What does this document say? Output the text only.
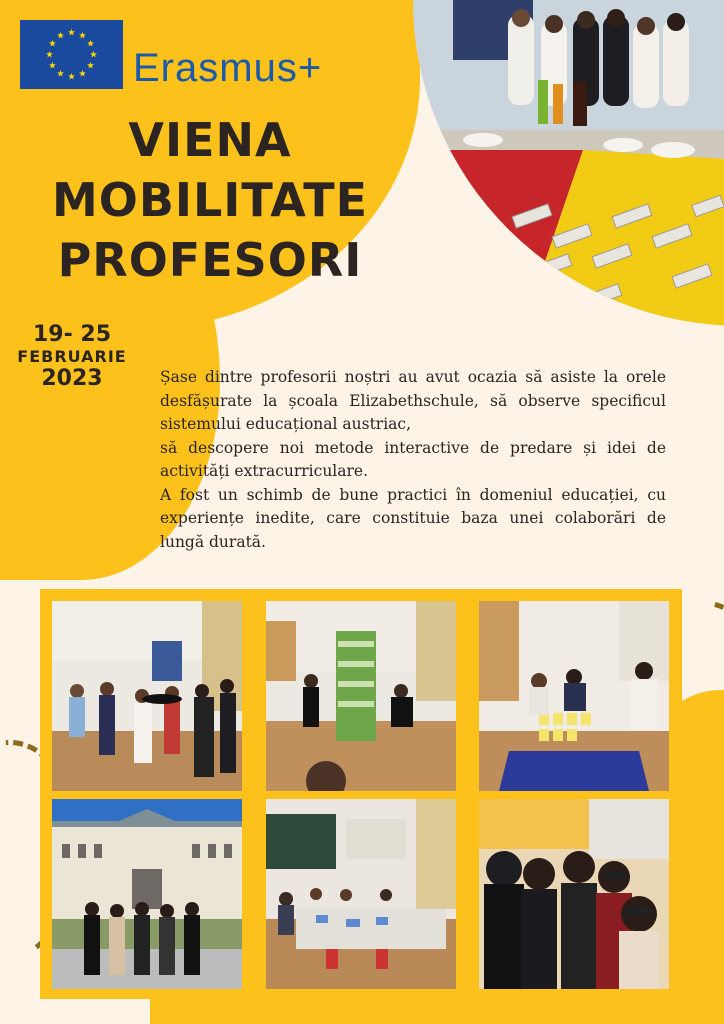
Erasmus+
VIENA
MOBILITATE
PROFESORI
19- 25
FEBRUARIE
2023	Șase dintre profesorii noștri au avut ocazia să asiste la orele desfășurate la școala Elizabethschule, să observe specificul sistemului educațional austriac,

să descopere noi metode interactive de predare și idei de activități extracurriculare.

A fost un schimb de bune practici în domeniul educației, cu experiențe inedite, care constituie baza unei colaborări de lungă durată.
